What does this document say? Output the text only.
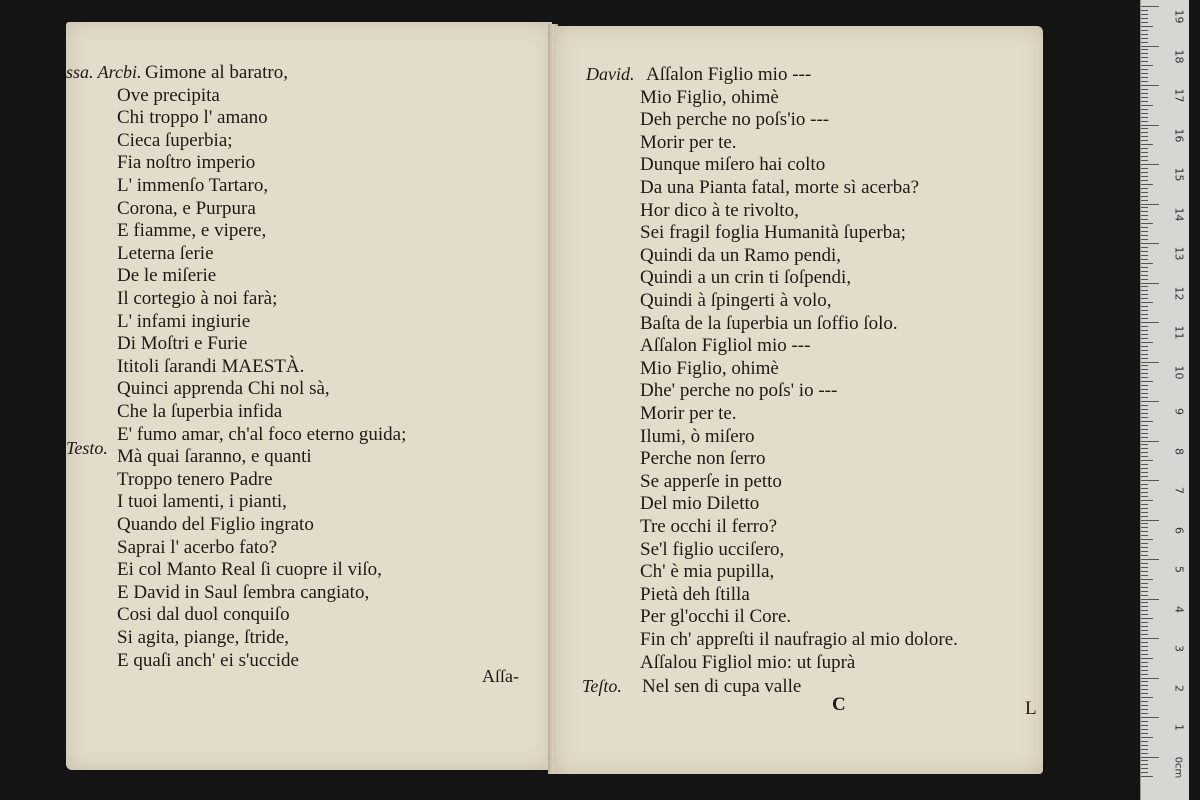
ssa. Arcbi.
Testo.
Aſſa-
Gimone al baratro,
Ove precipita
Chi troppo l' amano
Cieca ſuperbia;
Fia noſtro imperio
L' immenſo Tartaro,
Corona, e Purpura
E fiamme, e vipere,
Leterna ſerie
De le miſerie
Il cortegio à noi farà;
L' infami ingiurie
Di Moſtri e Furie
Ititoli ſarandi MAESTÀ.
Quinci apprenda Chi nol sà,
Che la ſuperbia infida
E' fumo amar, ch'al foco eterno guida;
Mà quai ſaranno, e quanti
Troppo tenero Padre
I tuoi lamenti, i pianti,
Quando del Figlio ingrato
Saprai l' acerbo fato?
Ei col Manto Real ſi cuopre il viſo,
E David in Saul ſembra cangiato,
Cosi dal duol conquiſo
Si agita, piange, ſtride,
E quaſi anch' ei s'uccide
David.
Teſto.
C	L
Aſſalon Figlio mio ---
Mio Figlio, ohimè
Deh perche no poſs'io ---
Morir per te.
Dunque miſero hai colto
Da una Pianta fatal, morte sì acerba?
Hor dico à te rivolto,
Sei fragil foglia Humanità ſuperba;
Quindi da un Ramo pendi,
Quindi a un crin ti ſoſpendi,
Quindi à ſpingerti à volo,
Baſta de la ſuperbia un ſoffio ſolo.
Aſſalon Figliol mio ---
Mio Figlio, ohimè
Dhe' perche no poſs' io ---
Morir per te.
Ilumi, ò miſero
Perche non ſerro
Se apperſe in petto
Del mio Diletto
Tre occhi il ferro?
Se'l figlio ucciſero,
Ch' è mia pupilla,
Pietà deh ſtilla
Per gl'occhi il Core.
Fin ch' appreſti il naufragio al mio dolore.
Aſſalou Figliol mio: ut ſuprà
Nel sen di cupa valle
19
18
17
16
15
14
13
12
11
10
9
8
7
6
5
4
3
2
1
0cm
